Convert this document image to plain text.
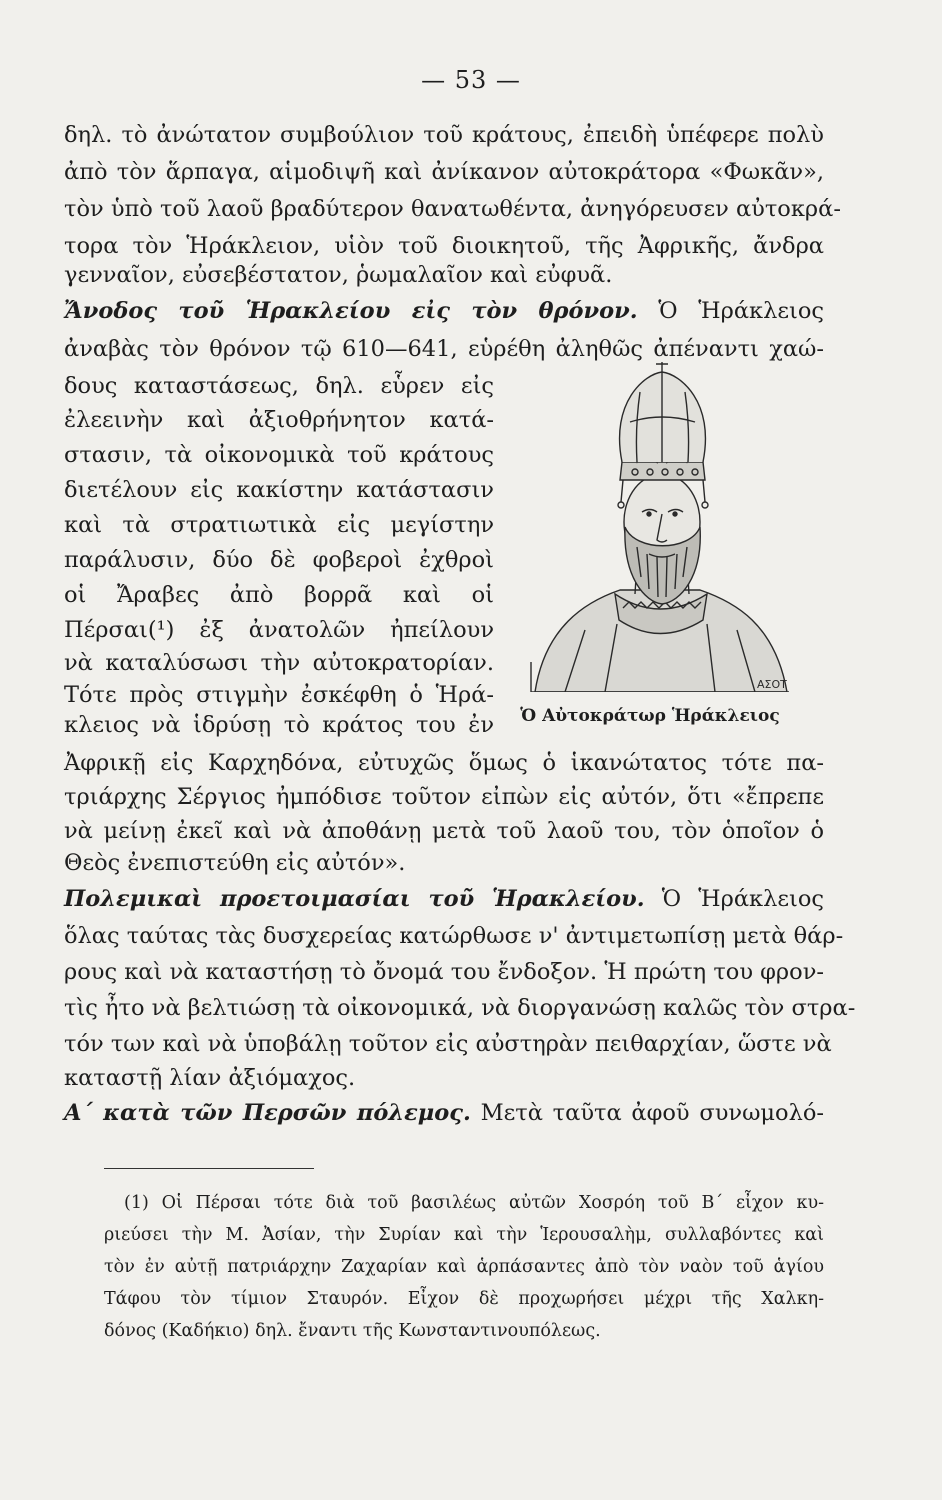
— 53 —
δηλ. τὸ ἀνώτατον συμβούλιον τοῦ κράτους, ἐπειδὴ ὑπέφερε πολὺ
ἀπὸ τὸν ἅρπαγα, αἱμοδιψῆ καὶ ἀνίκανον αὐτοκράτορα «Φωκᾶν»,
τὸν ὑπὸ τοῦ λαοῦ βραδύτερον θανατωθέντα, ἀνηγόρευσεν αὐτοκρά-
τορα τὸν Ἡράκλειον, υἱὸν τοῦ διοικητοῦ, τῆς Ἀφρικῆς, ἄνδρα
γενναῖον, εὐσεβέστατον, ῥωμαλαῖον καὶ εὐφυᾶ.
Ἄνοδος τοῦ Ἡρακλείου εἰς τὸν θρόνον. Ὁ Ἡράκλειος
ἀναβὰς τὸν θρόνον τῷ 610—641, εὑρέθη ἀληθῶς ἀπέναντι χαώ-
δους καταστάσεως, δηλ. εὗρεν εἰς
ἐλεεινὴν καὶ ἀξιοθρήνητον κατά-
στασιν, τὰ οἰκονομικὰ τοῦ κράτους
διετέλουν εἰς κακίστην κατάστασιν
καὶ τὰ στρατιωτικὰ εἰς μεγίστην
παράλυσιν, δύο δὲ φοβεροὶ ἐχθροὶ
οἱ Ἄραβες ἀπὸ βορρᾶ καὶ οἱ
Πέρσαι(¹) ἐξ ἀνατολῶν ἠπείλουν
νὰ καταλύσωσι τὴν αὐτοκρατορίαν.
Τότε πρὸς στιγμὴν ἐσκέφθη ὁ Ἡρά-
κλειος νὰ ἱδρύσῃ τὸ κράτος του ἐν
ΑΣΟΤ
Ὁ Αὐτοκράτωρ Ἡράκλειος
Ἀφρικῇ εἰς Καρχηδόνα, εὐτυχῶς ὅμως ὁ ἱκανώτατος τότε πα-
τριάρχης Σέργιος ἠμπόδισε τοῦτον εἰπὼν εἰς αὐτόν, ὅτι «ἔπρεπε
νὰ μείνῃ ἐκεῖ καὶ νὰ ἀποθάνῃ μετὰ τοῦ λαοῦ του, τὸν ὁποῖον ὁ
Θεὸς ἐνεπιστεύθη εἰς αὐτόν».
Πολεμικαὶ προετοιμασίαι τοῦ Ἡρακλείου. Ὁ Ἡράκλειος
ὅλας ταύτας τὰς δυσχερείας κατώρθωσε ν' ἀντιμετωπίσῃ μετὰ θάρ-
ρους καὶ νὰ καταστήσῃ τὸ ὄνομά του ἔνδοξον. Ἡ πρώτη του φρον-
τὶς ἦτο νὰ βελτιώσῃ τὰ οἰκονομικά, νὰ διοργανώσῃ καλῶς τὸν στρα-
τόν των καὶ νὰ ὑποβάλῃ τοῦτον εἰς αὐστηρὰν πειθαρχίαν, ὥστε νὰ
καταστῇ λίαν ἀξιόμαχος.
Α΄ κατὰ τῶν Περσῶν πόλεμος. Μετὰ ταῦτα ἀφοῦ συνωμολό-
(1) Οἱ Πέρσαι τότε διὰ τοῦ βασιλέως αὐτῶν Χοσρόη τοῦ Β΄ εἶχον κυ-
ριεύσει τὴν Μ. Ἀσίαν, τὴν Συρίαν καὶ τὴν Ἱερουσαλὴμ, συλλαβόντες καὶ
τὸν ἐν αὐτῇ πατριάρχην Ζαχαρίαν καὶ ἁρπάσαντες ἀπὸ τὸν ναὸν τοῦ ἁγίου
Τάφου τὸν τίμιον Σταυρόν. Εἶχον δὲ προχωρήσει μέχρι τῆς Χαλκη-
δόνος (Καδήκιο) δηλ. ἔναντι τῆς Κωνσταντινουπόλεως.
